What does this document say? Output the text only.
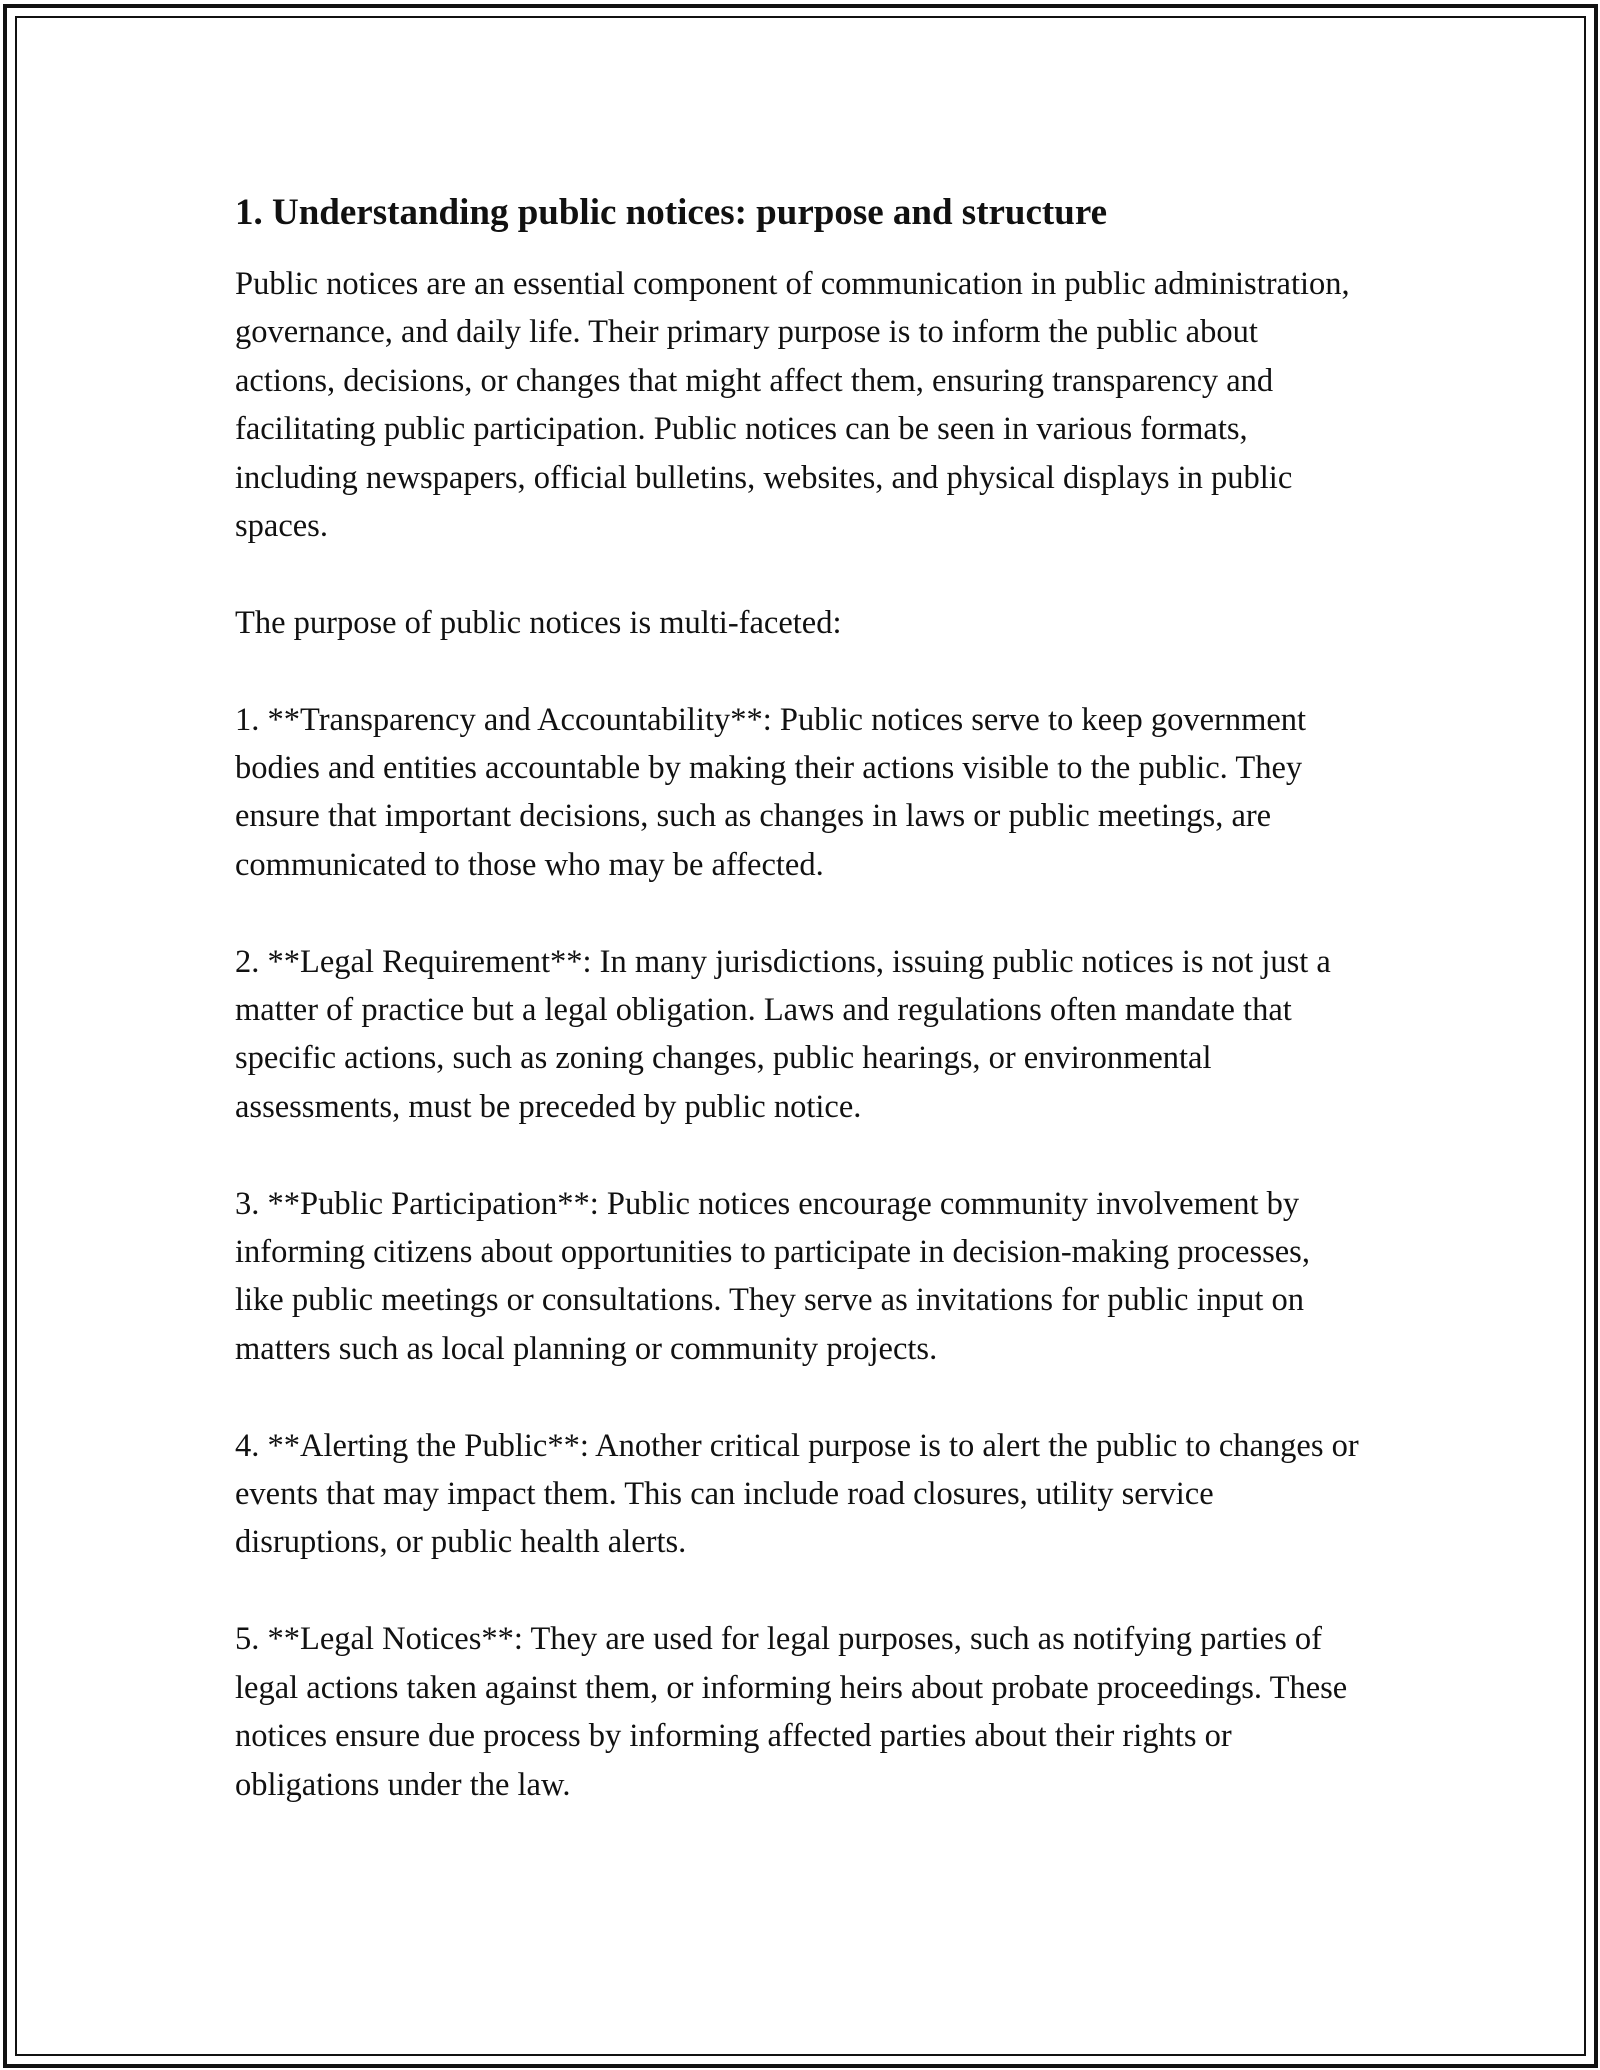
1. Understanding public notices: purpose and structure

Public notices are an essential component of communication in public administration, governance, and daily life. Their primary purpose is to inform the public about actions, decisions, or changes that might affect them, ensuring transparency and facilitating public participation. Public notices can be seen in various formats, including newspapers, official bulletins, websites, and physical displays in public spaces.

The purpose of public notices is multi-faceted:

1. **Transparency and Accountability**: Public notices serve to keep government bodies and entities accountable by making their actions visible to the public. They ensure that important decisions, such as changes in laws or public meetings, are communicated to those who may be affected.

2. **Legal Requirement**: In many jurisdictions, issuing public notices is not just a matter of practice but a legal obligation. Laws and regulations often mandate that specific actions, such as zoning changes, public hearings, or environmental assessments, must be preceded by public notice.

3. **Public Participation**: Public notices encourage community involvement by informing citizens about opportunities to participate in decision-making processes, like public meetings or consultations. They serve as invitations for public input on matters such as local planning or community projects.

4. **Alerting the Public**: Another critical purpose is to alert the public to changes or events that may impact them. This can include road closures, utility service disruptions, or public health alerts.

5. **Legal Notices**: They are used for legal purposes, such as notifying parties of legal actions taken against them, or informing heirs about probate proceedings. These notices ensure due process by informing affected parties about their rights or obligations under the law.
